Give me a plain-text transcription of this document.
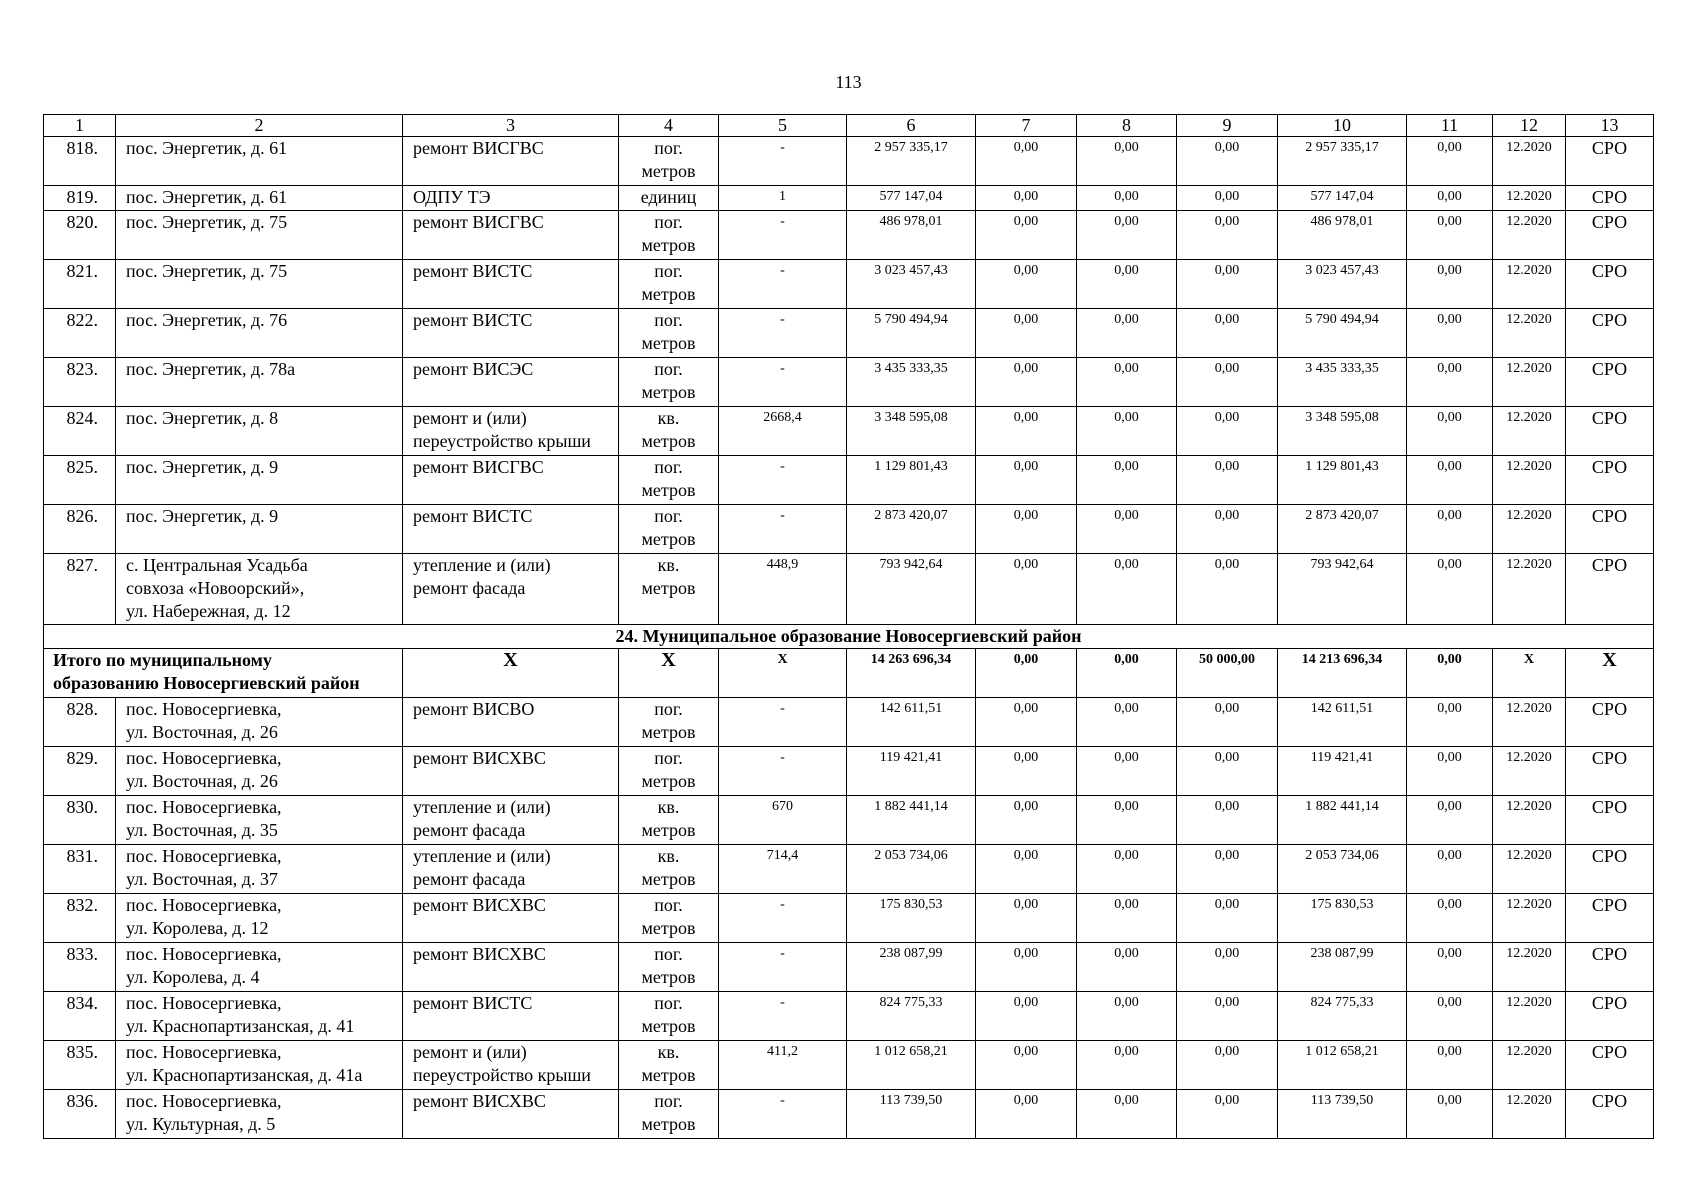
113
1	2	3	4	5	6	7	8	9	10	11	12	13
818.	пос. Энергетик, д. 61	ремонт ВИСГВС	пог.
метров	-	2 957 335,17	0,00	0,00	0,00	2 957 335,17	0,00	12.2020	СРО
819.	пос. Энергетик, д. 61	ОДПУ ТЭ	единиц	1	577 147,04	0,00	0,00	0,00	577 147,04	0,00	12.2020	СРО
820.	пос. Энергетик, д. 75	ремонт ВИСГВС	пог.
метров	-	486 978,01	0,00	0,00	0,00	486 978,01	0,00	12.2020	СРО
821.	пос. Энергетик, д. 75	ремонт ВИСТС	пог.
метров	-	3 023 457,43	0,00	0,00	0,00	3 023 457,43	0,00	12.2020	СРО
822.	пос. Энергетик, д. 76	ремонт ВИСТС	пог.
метров	-	5 790 494,94	0,00	0,00	0,00	5 790 494,94	0,00	12.2020	СРО
823.	пос. Энергетик, д. 78а	ремонт ВИСЭС	пог.
метров	-	3 435 333,35	0,00	0,00	0,00	3 435 333,35	0,00	12.2020	СРО
824.	пос. Энергетик, д. 8	ремонт и (или)
переустройство крыши	кв.
метров	2668,4	3 348 595,08	0,00	0,00	0,00	3 348 595,08	0,00	12.2020	СРО
825.	пос. Энергетик, д. 9	ремонт ВИСГВС	пог.
метров	-	1 129 801,43	0,00	0,00	0,00	1 129 801,43	0,00	12.2020	СРО
826.	пос. Энергетик, д. 9	ремонт ВИСТС	пог.
метров	-	2 873 420,07	0,00	0,00	0,00	2 873 420,07	0,00	12.2020	СРО
827.	с. Центральная Усадьба
совхоза «Новоорский»,
ул. Набережная, д. 12	утепление и (или)
ремонт фасада	кв.
метров	448,9	793 942,64	0,00	0,00	0,00	793 942,64	0,00	12.2020	СРО
24. Муниципальное образование Новосергиевский район												
Итого по муниципальному
образованию Новосергиевский район		Х	Х	Х	14 263 696,34	0,00	0,00	50 000,00	14 213 696,34	0,00	Х	Х
828.	пос. Новосергиевка,
ул. Восточная, д. 26	ремонт ВИСВО	пог.
метров	-	142 611,51	0,00	0,00	0,00	142 611,51	0,00	12.2020	СРО
829.	пос. Новосергиевка,
ул. Восточная, д. 26	ремонт ВИСХВС	пог.
метров	-	119 421,41	0,00	0,00	0,00	119 421,41	0,00	12.2020	СРО
830.	пос. Новосергиевка,
ул. Восточная, д. 35	утепление и (или)
ремонт фасада	кв.
метров	670	1 882 441,14	0,00	0,00	0,00	1 882 441,14	0,00	12.2020	СРО
831.	пос. Новосергиевка,
ул. Восточная, д. 37	утепление и (или)
ремонт фасада	кв.
метров	714,4	2 053 734,06	0,00	0,00	0,00	2 053 734,06	0,00	12.2020	СРО
832.	пос. Новосергиевка,
ул. Королева, д. 12	ремонт ВИСХВС	пог.
метров	-	175 830,53	0,00	0,00	0,00	175 830,53	0,00	12.2020	СРО
833.	пос. Новосергиевка,
ул. Королева, д. 4	ремонт ВИСХВС	пог.
метров	-	238 087,99	0,00	0,00	0,00	238 087,99	0,00	12.2020	СРО
834.	пос. Новосергиевка,
ул. Краснопартизанская, д. 41	ремонт ВИСТС	пог.
метров	-	824 775,33	0,00	0,00	0,00	824 775,33	0,00	12.2020	СРО
835.	пос. Новосергиевка,
ул. Краснопартизанская, д. 41а	ремонт и (или)
переустройство крыши	кв.
метров	411,2	1 012 658,21	0,00	0,00	0,00	1 012 658,21	0,00	12.2020	СРО
836.	пос. Новосергиевка,
ул. Культурная, д. 5	ремонт ВИСХВС	пог.
метров	-	113 739,50	0,00	0,00	0,00	113 739,50	0,00	12.2020	СРО
